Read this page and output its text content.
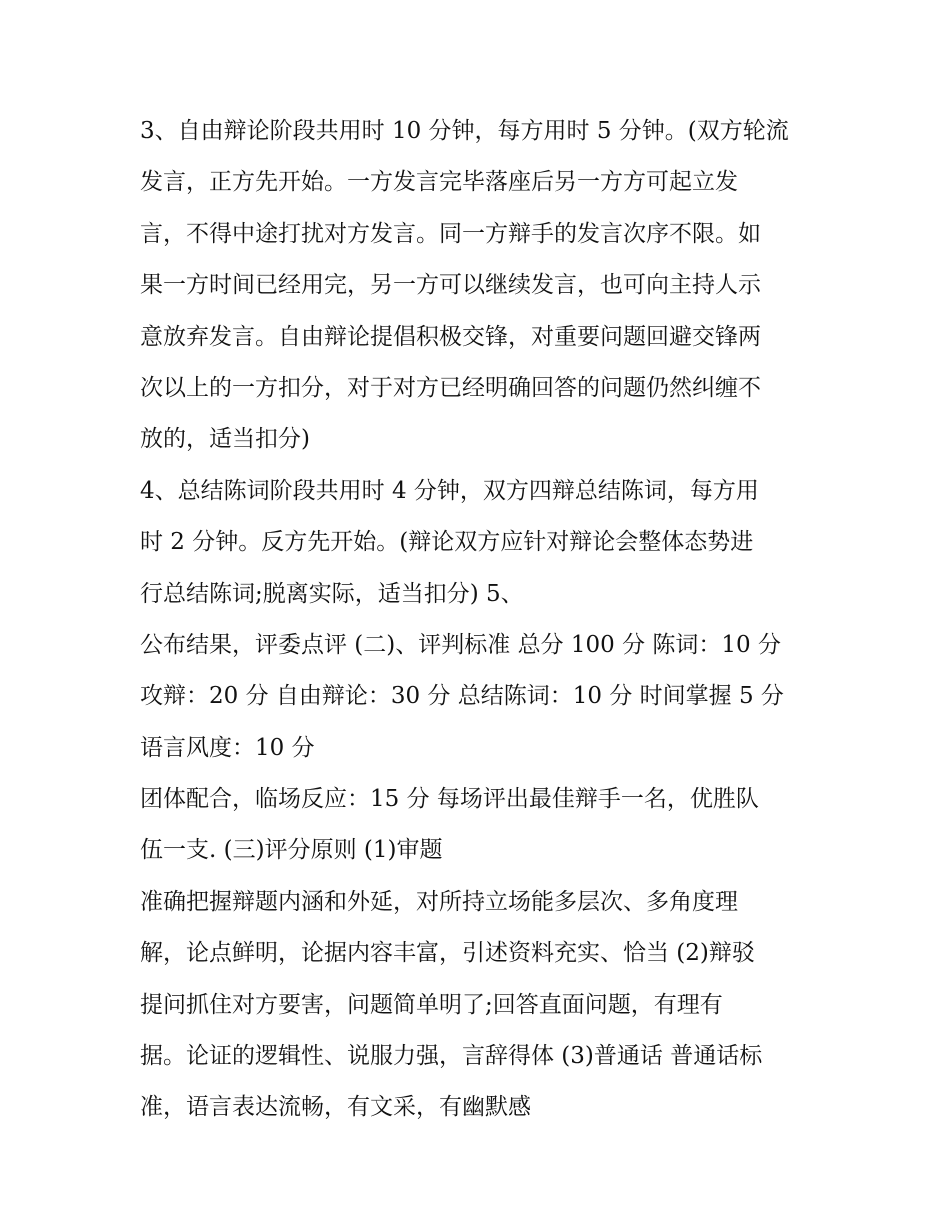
3、自由辩论阶段共用时 10 分钟，每方用时 5 分钟。(双方轮流
发言，正方先开始。一方发言完毕落座后另一方方可起立发
言，不得中途打扰对方发言。同一方辩手的发言次序不限。如
果一方时间已经用完，另一方可以继续发言，也可向主持人示
意放弃发言。自由辩论提倡积极交锋，对重要问题回避交锋两
次以上的一方扣分，对于对方已经明确回答的问题仍然纠缠不
放的，适当扣分)
4、总结陈词阶段共用时 4 分钟，双方四辩总结陈词，每方用
时 2 分钟。反方先开始。(辩论双方应针对辩论会整体态势进
行总结陈词;脱离实际，适当扣分) 5、
公布结果，评委点评 (二)、评判标准 总分 100 分 陈词：10 分
攻辩：20 分 自由辩论：30 分 总结陈词：10 分 时间掌握 5 分
语言风度：10 分
团体配合，临场反应：15 分 每场评出最佳辩手一名，优胜队
伍一支. (三)评分原则 (1)审题
准确把握辩题内涵和外延，对所持立场能多层次、多角度理
解，论点鲜明，论据内容丰富，引述资料充实、恰当 (2)辩驳
提问抓住对方要害，问题简单明了;回答直面问题，有理有
据。论证的逻辑性、说服力强，言辞得体 (3)普通话 普通话标
准，语言表达流畅，有文采，有幽默感
